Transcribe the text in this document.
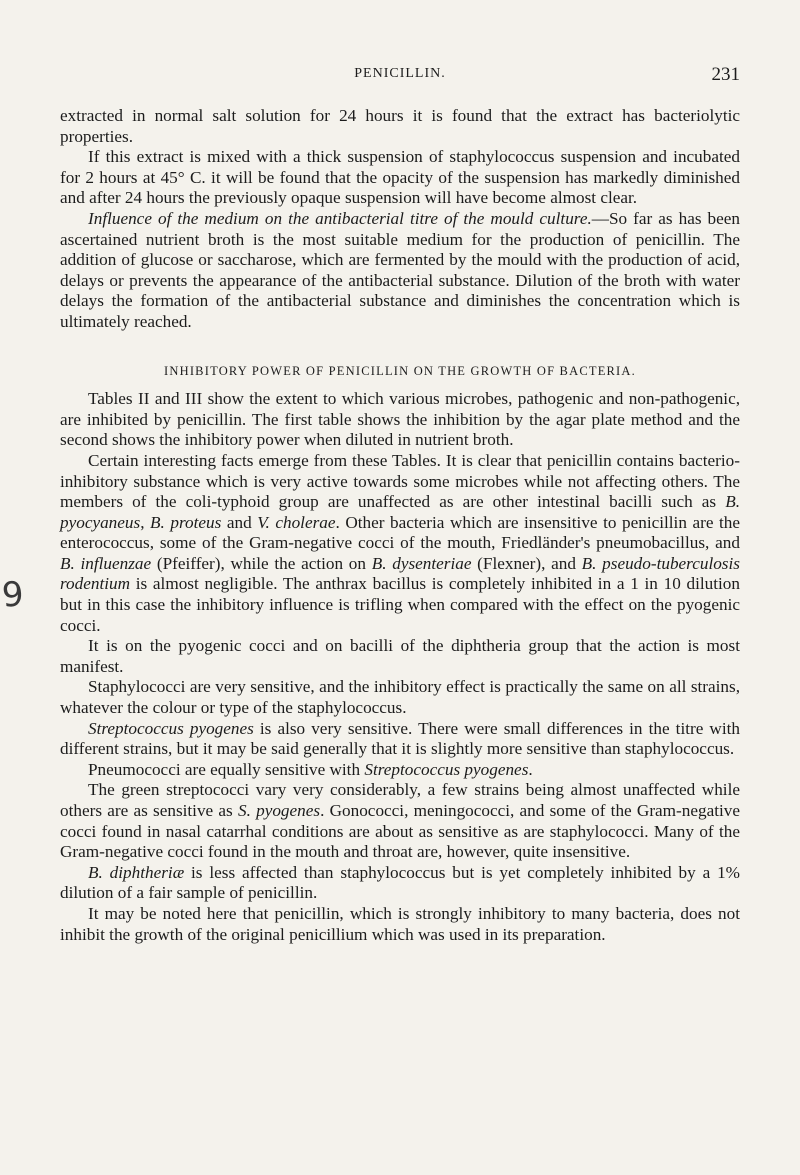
PENICILLIN.	231
9

extracted in normal salt solution for 24 hours it is found that the extract has bacteriolytic properties.

If this extract is mixed with a thick suspension of staphylococcus suspension and incubated for 2 hours at 45° C. it will be found that the opacity of the suspension has markedly diminished and after 24 hours the previously opaque suspension will have become almost clear.

Influence of the medium on the antibacterial titre of the mould culture.—So far as has been ascertained nutrient broth is the most suitable medium for the production of penicillin. The addition of glucose or saccharose, which are fermented by the mould with the production of acid, delays or prevents the appearance of the antibacterial substance. Dilution of the broth with water delays the formation of the antibacterial substance and diminishes the concentration which is ultimately reached.

INHIBITORY POWER OF PENICILLIN ON THE GROWTH OF BACTERIA.

Tables II and III show the extent to which various microbes, pathogenic and non-pathogenic, are inhibited by penicillin. The first table shows the inhibition by the agar plate method and the second shows the inhibitory power when diluted in nutrient broth.

Certain interesting facts emerge from these Tables. It is clear that penicillin contains bacterio-inhibitory substance which is very active towards some microbes while not affecting others. The members of the coli-typhoid group are unaffected as are other intestinal bacilli such as B. pyocyaneus, B. proteus and V. cholerae. Other bacteria which are insensitive to penicillin are the enterococcus, some of the Gram-negative cocci of the mouth, Friedländer's pneumobacillus, and B. influenzae (Pfeiffer), while the action on B. dysenteriae (Flexner), and B. pseudo-tuberculosis rodentium is almost negligible. The anthrax bacillus is completely inhibited in a 1 in 10 dilution but in this case the inhibitory influence is trifling when compared with the effect on the pyogenic cocci.

It is on the pyogenic cocci and on bacilli of the diphtheria group that the action is most manifest.

Staphylococci are very sensitive, and the inhibitory effect is practically the same on all strains, whatever the colour or type of the staphylococcus.

Streptococcus pyogenes is also very sensitive. There were small differences in the titre with different strains, but it may be said generally that it is slightly more sensitive than staphylococcus.

Pneumococci are equally sensitive with Streptococcus pyogenes.

The green streptococci vary very considerably, a few strains being almost unaffected while others are as sensitive as S. pyogenes. Gonococci, meningococci, and some of the Gram-negative cocci found in nasal catarrhal conditions are about as sensitive as are staphylococci. Many of the Gram-negative cocci found in the mouth and throat are, however, quite insensitive.

B. diphtheriæ is less affected than staphylococcus but is yet completely inhibited by a 1% dilution of a fair sample of penicillin.

It may be noted here that penicillin, which is strongly inhibitory to many bacteria, does not inhibit the growth of the original penicillium which was used in its preparation.
